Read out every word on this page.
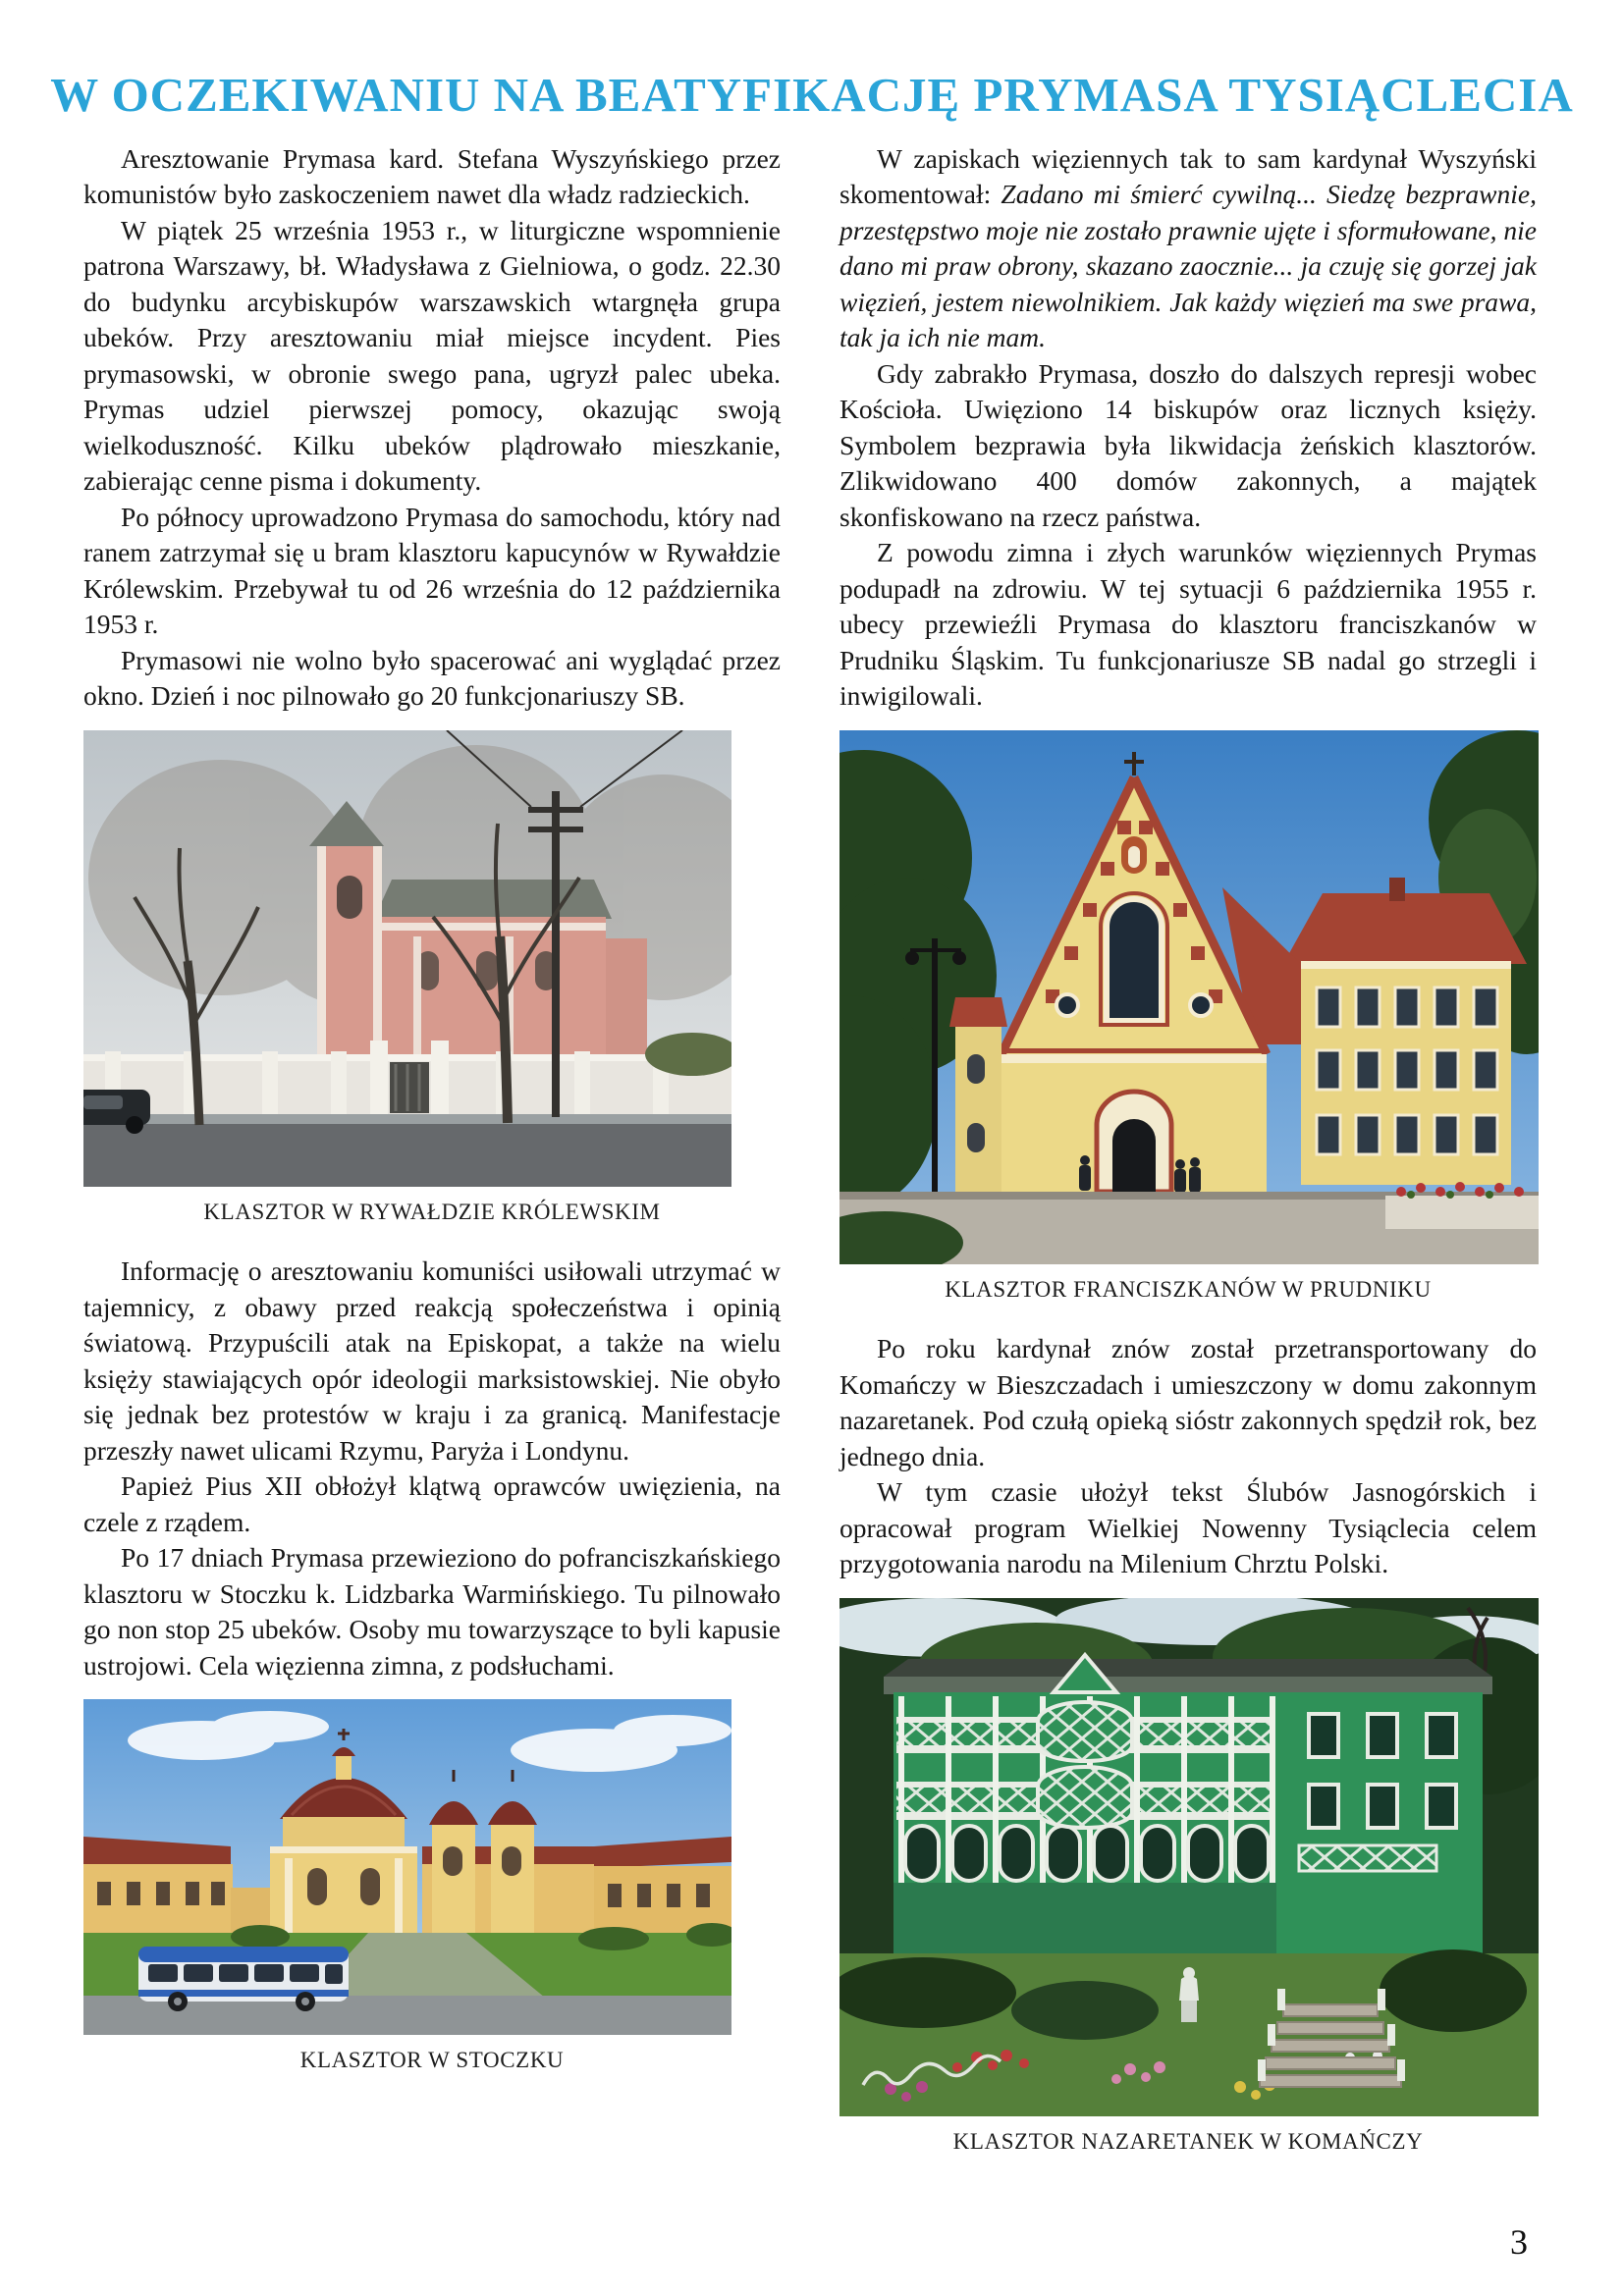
W OCZEKIWANIU NA BEATYFIKACJĘ PRYMASA TYSIĄCLECIA

Aresztowanie Prymasa kard. Stefana Wyszyńskiego przez komunistów było zaskoczeniem nawet dla władz radzieckich.

W piątek 25 września 1953 r., w liturgiczne wspomnienie patrona Warszawy, bł. Władysława z Gielniowa, o godz. 22.30 do budynku arcybiskupów warszawskich wtargnęła grupa ubeków. Przy aresztowaniu miał miejsce incydent. Pies prymasowski, w obronie swego pana, ugryzł palec ubeka. Prymas udziel pierwszej pomocy, okazując swoją wielkoduszność. Kilku ubeków plądrowało mieszkanie, zabierając cenne pisma i dokumenty.

Po północy uprowadzono Prymasa do samochodu, który nad ranem zatrzymał się u bram klasztoru kapucynów w Rywałdzie Królewskim. Przebywał tu od 26 września do 12 października 1953 r.

Prymasowi nie wolno było spacerować ani wyglądać przez okno. Dzień i noc pilnowało go 20 funkcjonariuszy SB.

KLASZTOR W RYWAŁDZIE KRÓLEWSKIM

Informację o aresztowaniu komuniści usiłowali utrzymać w tajemnicy, z obawy przed reakcją społeczeństwa i opinią światową. Przypuścili atak na Episkopat, a także na wielu księży stawiających opór ideologii marksistowskiej. Nie obyło się jednak bez protestów w kraju i za granicą. Manifestacje przeszły nawet ulicami Rzymu, Paryża i Londynu.

Papież Pius XII obłożył klątwą oprawców uwięzienia, na czele z rządem.

Po 17 dniach Prymasa przewieziono do pofranciszkańskiego klasztoru w Stoczku k. Lidzbarka Warmińskiego. Tu pilnowało go non stop 25 ubeków. Osoby mu towarzyszące to byli kapusie ustrojowi. Cela więzienna zimna, z podsłuchami.

KLASZTOR W STOCZKU

W zapiskach więziennych tak to sam kardynał Wyszyński skomentował: Zadano mi śmierć cywilną... Siedzę bezprawnie, przestępstwo moje nie zostało prawnie ujęte i sformułowane, nie dano mi praw obrony, skazano zaocznie... ja czuję się gorzej jak więzień, jestem niewolnikiem. Jak każdy więzień ma swe prawa, tak ja ich nie mam.

Gdy zabrakło Prymasa, doszło do dalszych represji wobec Kościoła. Uwięziono 14 biskupów oraz licznych księży. Symbolem bezprawia była likwidacja żeńskich klasztorów. Zlikwidowano 400 domów zakonnych, a majątek skonfiskowano na rzecz państwa.

Z powodu zimna i złych warunków więziennych Prymas podupadł na zdrowiu. W tej sytuacji 6 października 1955 r. ubecy przewieźli Prymasa do klasztoru franciszkanów w Prudniku Śląskim. Tu funkcjonariusze SB nadal go strzegli i inwigilowali.

KLASZTOR FRANCISZKANÓW W PRUDNIKU

Po roku kardynał znów został przetransportowany do Komańczy w Bieszczadach i umieszczony w domu zakonnym nazaretanek. Pod czułą opieką sióstr zakonnych spędził rok, bez jednego dnia.

W tym czasie ułożył tekst Ślubów Jasnogórskich i opracował program Wielkiej Nowenny Tysiąclecia celem przygotowania narodu na Milenium Chrztu Polski.

KLASZTOR NAZARETANEK W KOMAŃCZY
3
